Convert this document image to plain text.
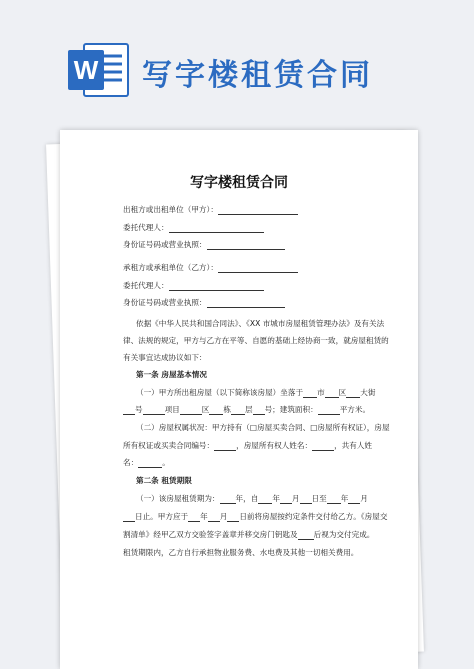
W 写字楼租赁合同
写字楼租赁合同
出租方或出租单位（甲方）：
委托代理人：
身份证号码或营业执照：
承租方或承租单位（乙方）：
委托代理人：
身份证号码或营业执照：
依据《中华人民共和国合同法》、《XX 市城市房屋租赁管理办法》及有关法
律、法规的规定，甲方与乙方在平等、自愿的基础上经协商一致，就房屋租赁的
有关事宜达成协议如下：
第一条 房屋基本情况
（一）甲方所出租房屋（以下简称该房屋）坐落于 市 区 大街
号	项目	区 栋 层 号；建筑面积：	平方米。
（二）房屋权属状况：甲方持有（□房屋买卖合同、□房屋所有权证），房屋
所有权证或买卖合同编号：	，房屋所有权人姓名：	，共有人姓
名：	。
第二条 租赁期限
（一）该房屋租赁期为： 年，自 年 月 日至 年 月
日止。甲方应于 年 月 日前将房屋按约定条件交付给乙方。《房屋交
割清单》经甲乙双方交验签字盖章并移交房门钥匙及 后视为交付完成。
租赁期限内，乙方自行承担物业服务费、水电费及其他一切相关费用。
